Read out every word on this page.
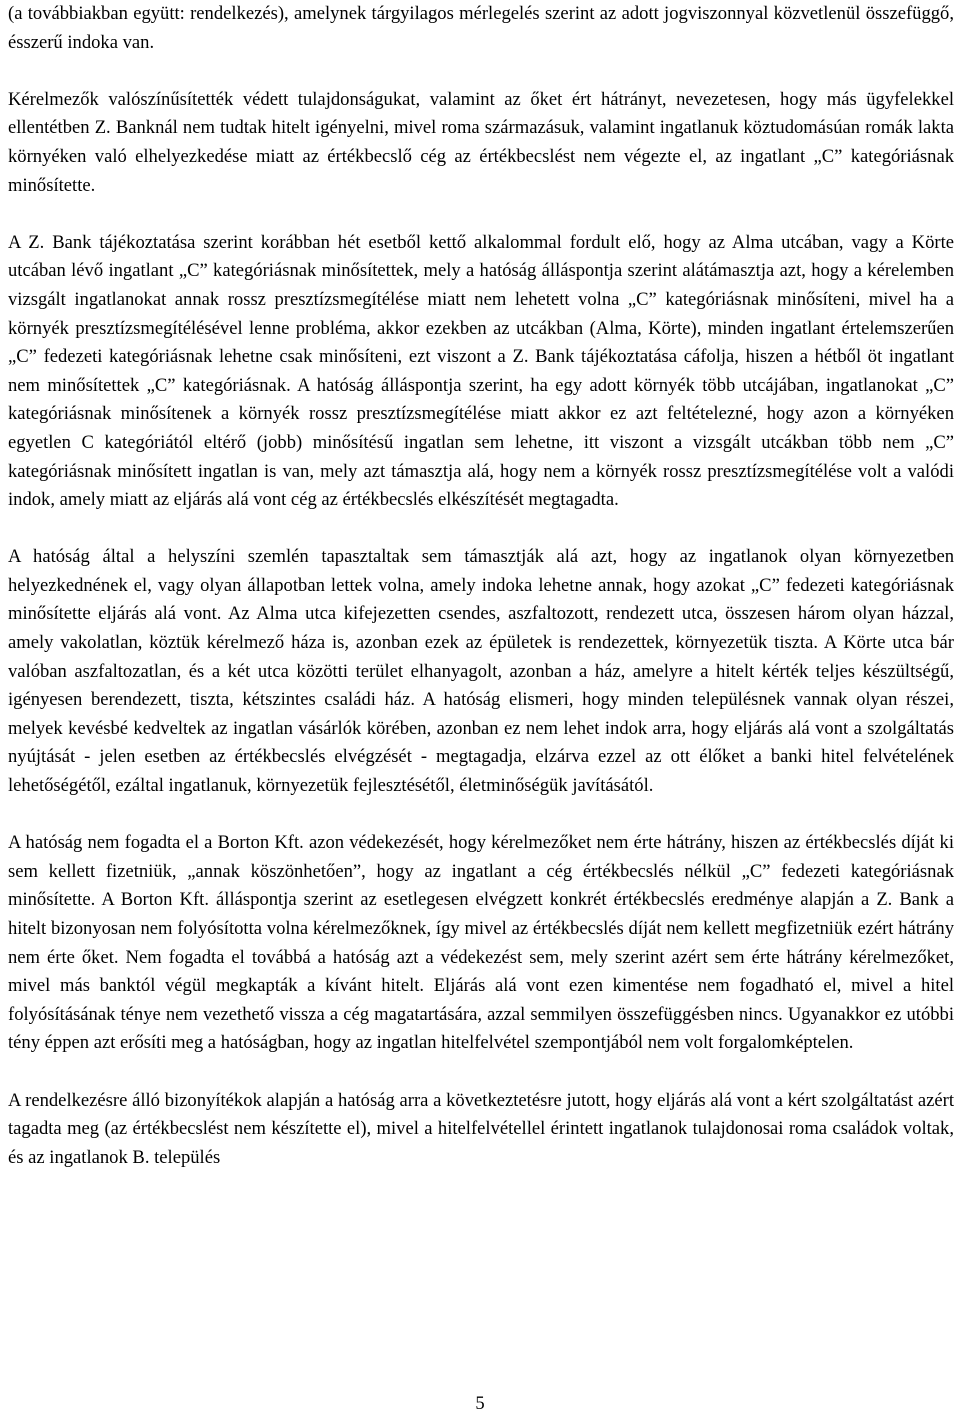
(a továbbiakban együtt: rendelkezés), amelynek tárgyilagos mérlegelés szerint az adott jogviszonnyal közvetlenül összefüggő, ésszerű indoka van.

Kérelmezők valószínűsítették védett tulajdonságukat, valamint az őket ért hátrányt, nevezetesen, hogy más ügyfelekkel ellentétben Z. Banknál nem tudtak hitelt igényelni, mivel roma származásuk, valamint ingatlanuk köztudomásúan romák lakta környéken való elhelyezkedése miatt az értékbecslő cég az értékbecslést nem végezte el, az ingatlant „C” kategóriásnak minősítette.

A Z. Bank tájékoztatása szerint korábban hét esetből kettő alkalommal fordult elő, hogy az Alma utcában, vagy a Körte utcában lévő ingatlant „C” kategóriásnak minősítettek, mely a hatóság álláspontja szerint alátámasztja azt, hogy a kérelemben vizsgált ingatlanokat annak rossz presztízsmegítélése miatt nem lehetett volna „C” kategóriásnak minősíteni, mivel ha a környék presztízsmegítélésével lenne probléma, akkor ezekben az utcákban (Alma, Körte), minden ingatlant értelemszerűen „C” fedezeti kategóriásnak lehetne csak minősíteni, ezt viszont a Z. Bank tájékoztatása cáfolja, hiszen a hétből öt ingatlant nem minősítettek „C” kategóriásnak. A hatóság álláspontja szerint, ha egy adott környék több utcájában, ingatlanokat „C” kategóriásnak minősítenek a környék rossz presztízsmegítélése miatt akkor ez azt feltételezné, hogy azon a környéken egyetlen C kategóriától eltérő (jobb) minősítésű ingatlan sem lehetne, itt viszont a vizsgált utcákban több nem „C” kategóriásnak minősített ingatlan is van, mely azt támasztja alá, hogy nem a környék rossz presztízsmegítélése volt a valódi indok, amely miatt az eljárás alá vont cég az értékbecslés elkészítését megtagadta.

A hatóság által a helyszíni szemlén tapasztaltak sem támasztják alá azt, hogy az ingatlanok olyan környezetben helyezkednének el, vagy olyan állapotban lettek volna, amely indoka lehetne annak, hogy azokat „C” fedezeti kategóriásnak minősítette eljárás alá vont. Az Alma utca kifejezetten csendes, aszfaltozott, rendezett utca, összesen három olyan házzal, amely vakolatlan, köztük kérelmező háza is, azonban ezek az épületek is rendezettek, környezetük tiszta. A Körte utca bár valóban aszfaltozatlan, és a két utca közötti terület elhanyagolt, azonban a ház, amelyre a hitelt kérték teljes készültségű, igényesen berendezett, tiszta, kétszintes családi ház. A hatóság elismeri, hogy minden településnek vannak olyan részei, melyek kevésbé kedveltek az ingatlan vásárlók körében, azonban ez nem lehet indok arra, hogy eljárás alá vont a szolgáltatás nyújtását - jelen esetben az értékbecslés elvégzését - megtagadja, elzárva ezzel az ott élőket a banki hitel felvételének lehetőségétől, ezáltal ingatlanuk, környezetük fejlesztésétől, életminőségük javításától.

A hatóság nem fogadta el a Borton Kft. azon védekezését, hogy kérelmezőket nem érte hátrány, hiszen az értékbecslés díját ki sem kellett fizetniük, „annak köszönhetően”, hogy az ingatlant a cég értékbecslés nélkül „C” fedezeti kategóriásnak minősítette. A Borton Kft. álláspontja szerint az esetlegesen elvégzett konkrét értékbecslés eredménye alapján a Z. Bank a hitelt bizonyosan nem folyósította volna kérelmezőknek, így mivel az értékbecslés díját nem kellett megfizetniük ezért hátrány nem érte őket. Nem fogadta el továbbá a hatóság azt a védekezést sem, mely szerint azért sem érte hátrány kérelmezőket, mivel más banktól végül megkapták a kívánt hitelt. Eljárás alá vont ezen kimentése nem fogadható el, mivel a hitel folyósításának ténye nem vezethető vissza a cég magatartására, azzal semmilyen összefüggésben nincs. Ugyanakkor ez utóbbi tény éppen azt erősíti meg a hatóságban, hogy az ingatlan hitelfelvétel szempontjából nem volt forgalomképtelen.

A rendelkezésre álló bizonyítékok alapján a hatóság arra a következtetésre jutott, hogy eljárás alá vont a kért szolgáltatást azért tagadta meg (az értékbecslést nem készítette el), mivel a hitelfelvétellel érintett ingatlanok tulajdonosai roma családok voltak, és az ingatlanok B. település

5
